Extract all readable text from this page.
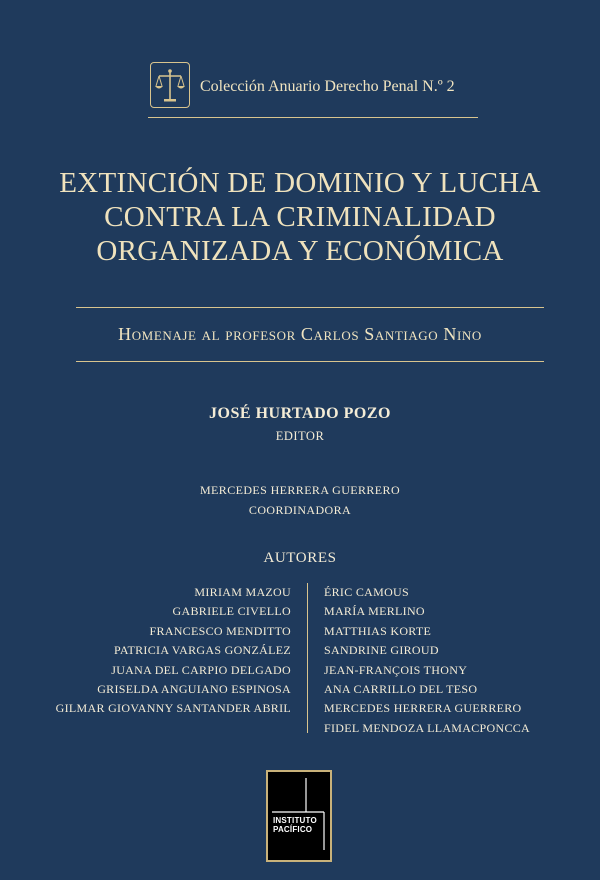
Colección Anuario Derecho Penal N.º 2
EXTINCIÓN DE DOMINIO Y LUCHA
CONTRA LA CRIMINALIDAD
ORGANIZADA Y ECONÓMICA
Homenaje al profesor Carlos Santiago Nino
JOSÉ HURTADO POZO
EDITOR
MERCEDES HERRERA GUERRERO
COORDINADORA
AUTORES
MIRIAM MAZOU
GABRIELE CIVELLO
FRANCESCO MENDITTO
PATRICIA VARGAS GONZÁLEZ
JUANA DEL CARPIO DELGADO
GRISELDA ANGUIANO ESPINOSA
GILMAR GIOVANNY SANTANDER ABRIL
ÉRIC CAMOUS
MARÍA MERLINO
MATTHIAS KORTE
SANDRINE GIROUD
JEAN-FRANÇOIS THONY
ANA CARRILLO DEL TESO
MERCEDES HERRERA GUERRERO
FIDEL MENDOZA LLAMACPONCCA
INSTITUTO
PACÍFICO
